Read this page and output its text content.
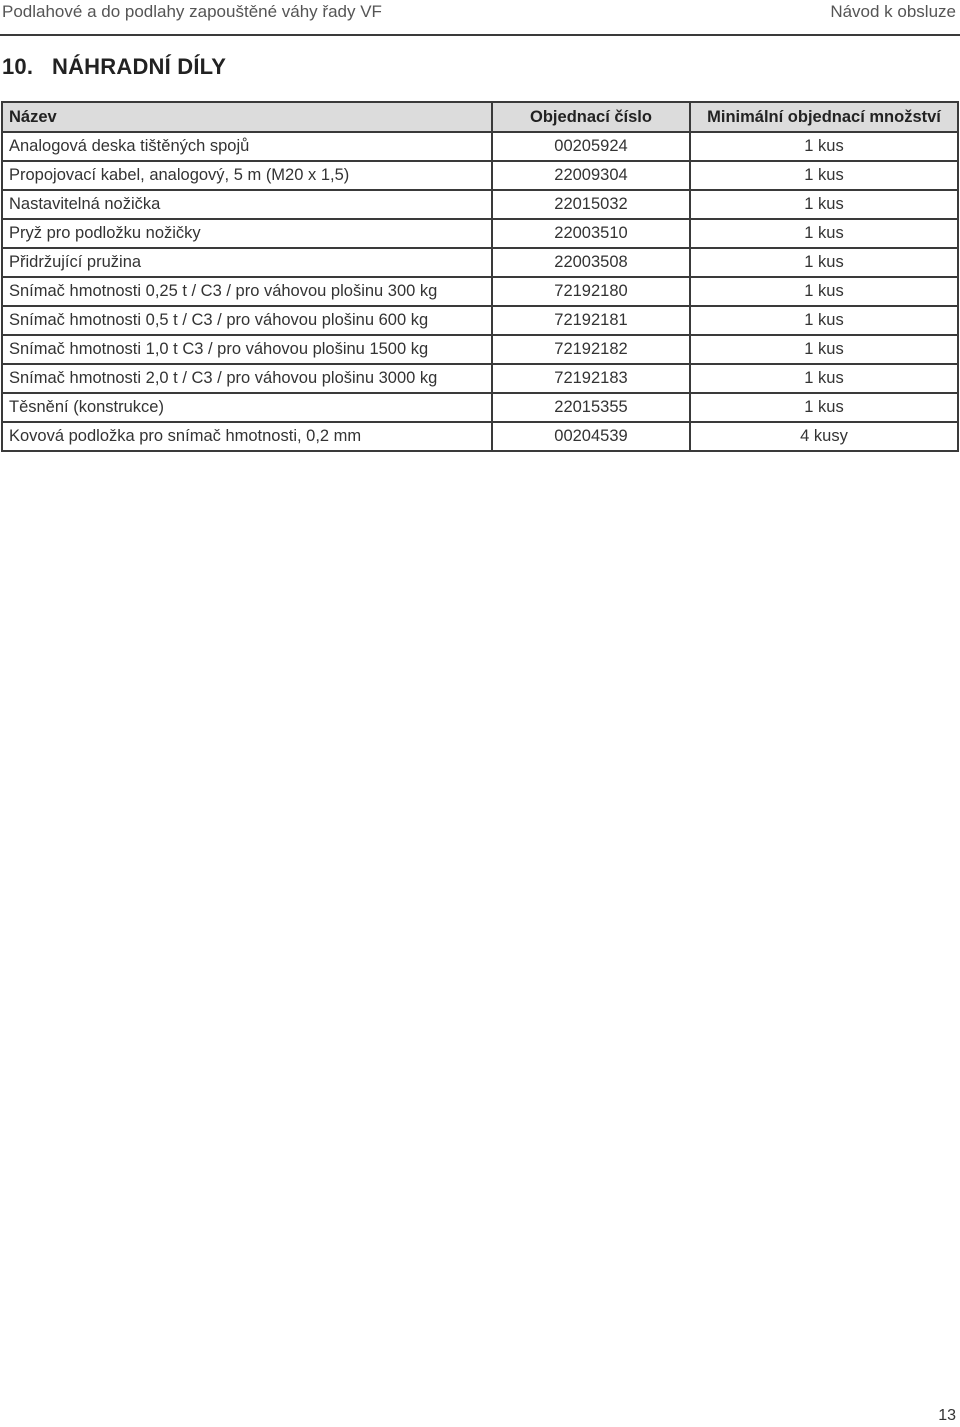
Podlahové a do podlahy zapouštěné váhy řady VF	Návod k obsluze
10. NÁHRADNÍ DÍLY
Název	Objednací číslo	Minimální objednací množství
Analogová deska tištěných spojů	00205924	1 kus
Propojovací kabel, analogový, 5 m (M20 x 1,5)	22009304	1 kus
Nastavitelná nožička	22015032	1 kus
Pryž pro podložku nožičky	22003510	1 kus
Přidržující pružina	22003508	1 kus
Snímač hmotnosti 0,25 t / C3 / pro váhovou plošinu 300 kg	72192180	1 kus
Snímač hmotnosti 0,5 t / C3 / pro váhovou plošinu 600 kg	72192181	1 kus
Snímač hmotnosti 1,0 t C3 / pro váhovou plošinu 1500 kg	72192182	1 kus
Snímač hmotnosti 2,0 t / C3 / pro váhovou plošinu 3000 kg	72192183	1 kus
Těsnění (konstrukce)	22015355	1 kus
Kovová podložka pro snímač hmotnosti, 0,2 mm	00204539	4 kusy
13
